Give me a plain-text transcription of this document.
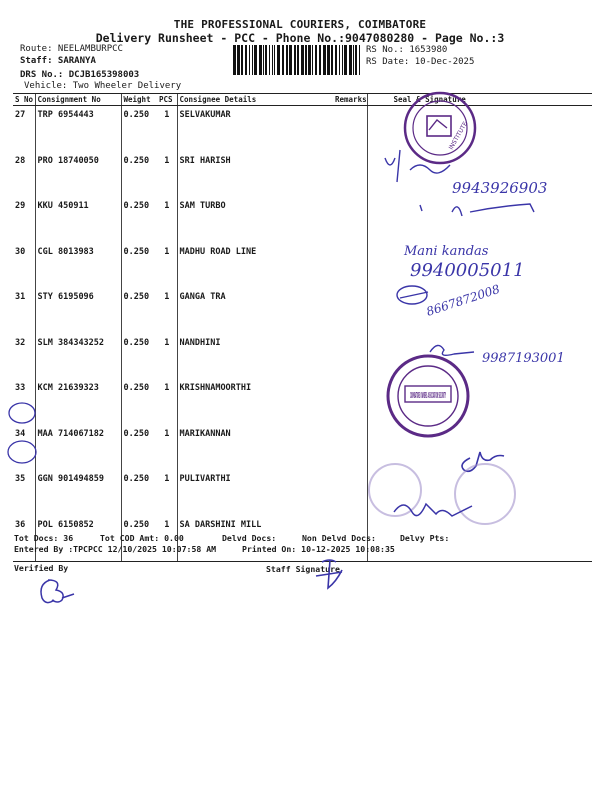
THE PROFESSIONAL COURIERS, COIMBATORE
Delivery Runsheet - PCC - Phone No.:9047080280 - Page No.:3
Route: NEELAMBURPCC
Staff: SARANYA
DRS No.: DCJB165398003
Vehicle: Two Wheeler Delivery
RS No.: 1653980
RS Date: 10-Dec-2025
S No	Consignment No	Weight	PCS	Consignee Details	Remarks	Seal & Signature
27	TRP 6954443	0.250	1	SELVAKUMAR		
28	PRO 18740050	0.250	1	SRI HARISH		
29	KKU 450911	0.250	1	SAM TURBO		
30	CGL 8013983	0.250	1	MADHU ROAD LINE		
31	STY 6195096	0.250	1	GANGA TRA		
32	SLM 384343252	0.250	1	NANDHINI		
33	KCM 21639323	0.250	1	KRISHNAMOORTHI		
34	MAA 714067182	0.250	1	MARIKANNAN		
35	GGN 901494859	0.250	1	PULIVARTHI		
36	POL 6150852	0.250	1	SA DARSHINI MILL		
Tot Docs: 36	Tot COD Amt: 0.00	Delvd Docs:	Non Delvd Docs:	Delvy Pts:
Entered By :TPCPCC 12/10/2025 10:07:58 AM	Printed On: 10-12-2025 10:08:35
Verified By	Staff Signature
INSTITUTE
9943926903
Mani kandas
9940005011
8667872008
9987193001
COIMBATORE OWNERS ASSOCIATION SECURITY
